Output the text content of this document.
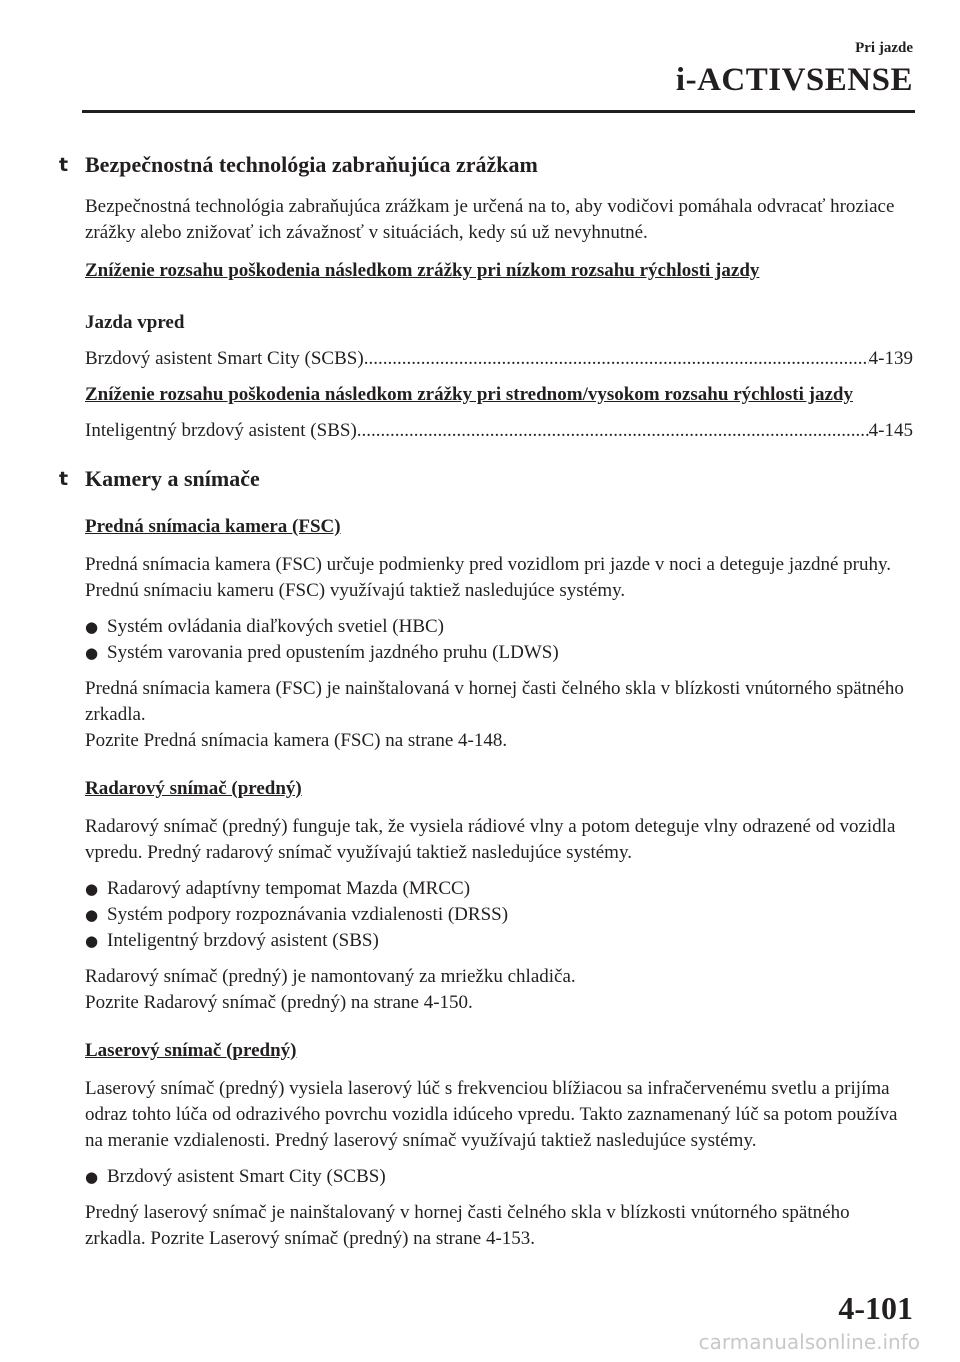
Pri jazde
i-ACTIVSENSE
t Bezpečnostná technológia zabraňujúca zrážkam

Bezpečnostná technológia zabraňujúca zrážkam je určená na to, aby vodičovi pomáhala odvracať hroziace zrážky alebo znižovať ich závažnosť v situáciách, kedy sú už nevyhnutné.

Zníženie rozsahu poškodenia následkom zrážky pri nízkom rozsahu rýchlosti jazdy
Jazda vpred
Brzdový asistent Smart City (SCBS) .....	4-139
Zníženie rozsahu poškodenia následkom zrážky pri strednom/vysokom rozsahu rýchlosti jazdy
Inteligentný brzdový asistent (SBS) .....	4-145
t Kamery a snímače
Predná snímacia kamera (FSC)

Predná snímacia kamera (FSC) určuje podmienky pred vozidlom pri jazde v noci a deteguje jazdné pruhy. Prednú snímaciu kameru (FSC) využívajú taktiež nasledujúce systémy.

● Systém ovládania diaľkových svetiel (HBC)
● Systém varovania pred opustením jazdného pruhu (LDWS)

Predná snímacia kamera (FSC) je nainštalovaná v hornej časti čelného skla v blízkosti vnútorného spätného zrkadla.

Pozrite Predná snímacia kamera (FSC) na strane 4-148.

Radarový snímač (predný)

Radarový snímač (predný) funguje tak, že vysiela rádiové vlny a potom deteguje vlny odrazené od vozidla vpredu. Predný radarový snímač využívajú taktiež nasledujúce systémy.

● Radarový adaptívny tempomat Mazda (MRCC)
● Systém podpory rozpoznávania vzdialenosti (DRSS)
● Inteligentný brzdový asistent (SBS)

Radarový snímač (predný) je namontovaný za mriežku chladiča.

Pozrite Radarový snímač (predný) na strane 4-150.

Laserový snímač (predný)

Laserový snímač (predný) vysiela laserový lúč s frekvenciou blížiacou sa infračervenému svetlu a prijíma odraz tohto lúča od odrazivého povrchu vozidla idúceho vpredu. Takto zaznamenaný lúč sa potom používa na meranie vzdialenosti. Predný laserový snímač využívajú taktiež nasledujúce systémy.

● Brzdový asistent Smart City (SCBS)

Predný laserový snímač je nainštalovaný v hornej časti čelného skla v blízkosti vnútorného spätného zrkadla. Pozrite Laserový snímač (predný) na strane 4-153.

4-101
carmanualsonline.info
